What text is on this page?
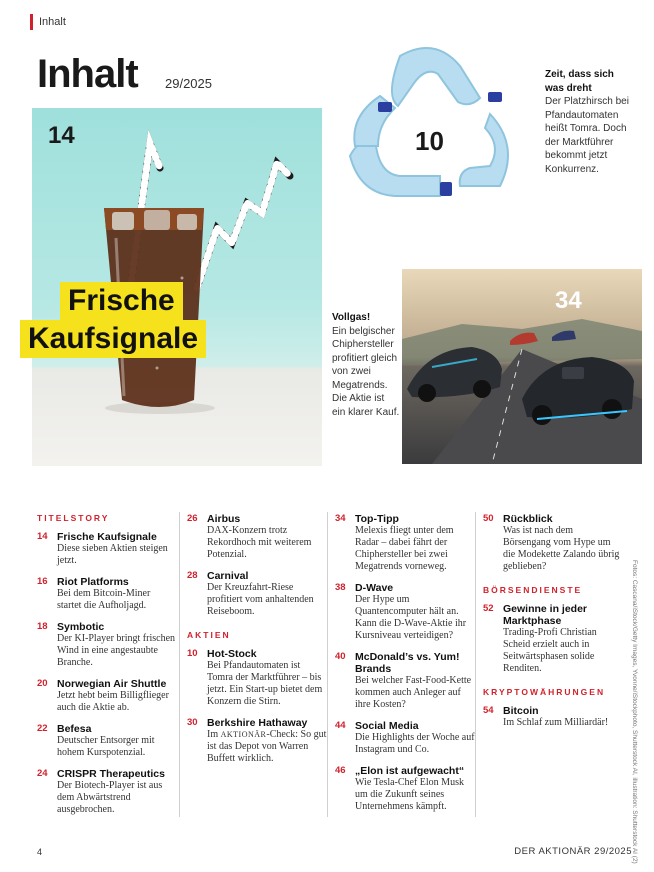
Inhalt
Inhalt 29/2025
14
Frische
Kaufsignale
10
Zeit, dass sich was dreht
Der Platzhirsch bei Pfandautomaten heißt Tomra. Doch der Marktführer bekommt jetzt Konkurrenz.
34
Vollgas!
Ein belgischer Chiphersteller profitiert gleich von zwei Megatrends. Die Aktie ist ein klarer Kauf.
TITELSTORY
14 Frische Kaufsignale
Diese sieben Aktien steigen jetzt.
16 Riot Platforms
Bei dem Bitcoin-Miner startet die Aufholjagd.
18 Symbotic
Der KI-Player bringt frischen Wind in eine angestaubte Branche.
20 Norwegian Air Shuttle
Jetzt hebt beim Billigflieger auch die Aktie ab.
22 Befesa
Deutscher Entsorger mit hohem Kurspotenzial.
24 CRISPR Therapeutics
Der Biotech-Player ist aus dem Abwärtstrend ausgebrochen.
26 Airbus
DAX-Konzern trotz Rekordhoch mit weiterem Potenzial.
28 Carnival
Der Kreuzfahrt-Riese profitiert vom anhaltenden Reiseboom.
AKTIEN
10 Hot-Stock
Bei Pfandautomaten ist Tomra der Marktführer – bis jetzt. Ein Start-up bietet dem Konzern die Stirn.
30 Berkshire Hathaway
Im AKTIONÄR-Check: So gut ist das Depot von Warren Buffett wirklich.
34 Top-Tipp
Melexis fliegt unter dem Radar – dabei fährt der Chiphersteller bei zwei Megatrends vorneweg.
38 D-Wave
Der Hype um Quantencomputer hält an. Kann die D-Wave-Aktie ihr Kursniveau verteidigen?
40 McDonald’s vs. Yum! Brands
Bei welcher Fast-Food-Kette kommen auch Anleger auf ihre Kosten?
44 Social Media
Die Highlights der Woche auf Instagram und Co.
46 „Elon ist aufgewacht“
Wie Tesla-Chef Elon Musk um die Zukunft seines Unternehmens kämpft.
50 Rückblick
Was ist nach dem Börsengang vom Hype um die Modekette Zalando übrig geblieben?
BÖRSENDIENSTE
52 Gewinne in jeder Marktphase
Trading-Profi Christian Scheid erzielt auch in Seitwärtsphasen solide Renditen.
KRYPTOWÄHRUNGEN
54 Bitcoin
Im Schlaf zum Milliardär!	Fotos: Cascana/iStock/Getty Images, Yvonne/iStockphoto, Shutterstock AI, illustration: Shutterstock AI (2)
4	DER AKTIONÄR 29/2025
